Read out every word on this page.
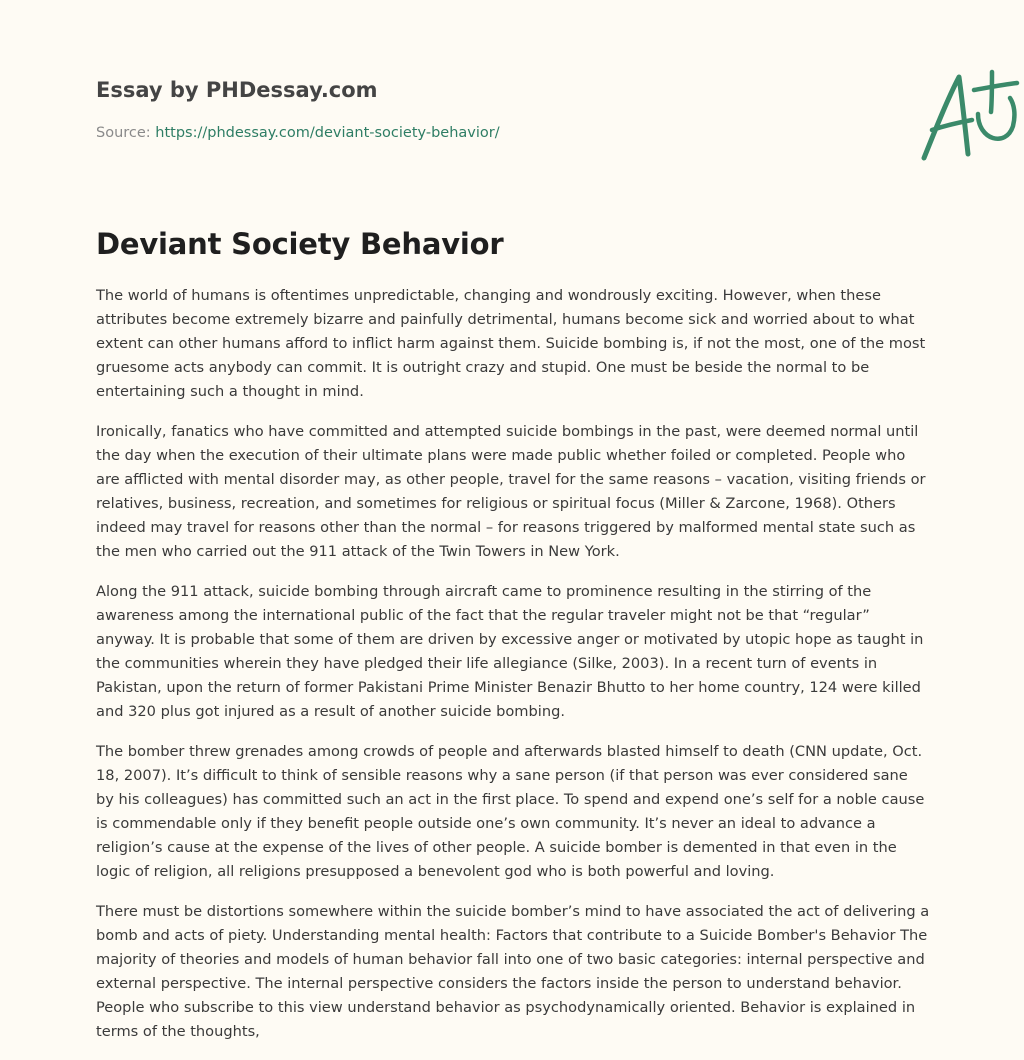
Essay by PHDessay.com
Source: https://phdessay.com/deviant-society-behavior/
Deviant Society Behavior

The world of humans is oftentimes unpredictable, changing and wondrously exciting. However, when these attributes become extremely bizarre and painfully detrimental, humans become sick and worried about to what extent can other humans afford to inflict harm against them. Suicide bombing is, if not the most, one of the most gruesome acts anybody can commit. It is outright crazy and stupid. One must be beside the normal to be entertaining such a thought in mind.

Ironically, fanatics who have committed and attempted suicide bombings in the past, were deemed normal until the day when the execution of their ultimate plans were made public whether foiled or completed. People who are afflicted with mental disorder may, as other people, travel for the same reasons – vacation, visiting friends or relatives, business, recreation, and sometimes for religious or spiritual focus (Miller & Zarcone, 1968). Others indeed may travel for reasons other than the normal – for reasons triggered by malformed mental state such as the men who carried out the 911 attack of the Twin Towers in New York.

Along the 911 attack, suicide bombing through aircraft came to prominence resulting in the stirring of the awareness among the international public of the fact that the regular traveler might not be that “regular” anyway. It is probable that some of them are driven by excessive anger or motivated by utopic hope as taught in the communities wherein they have pledged their life allegiance (Silke, 2003). In a recent turn of events in Pakistan, upon the return of former Pakistani Prime Minister Benazir Bhutto to her home country, 124 were killed and 320 plus got injured as a result of another suicide bombing.

The bomber threw grenades among crowds of people and afterwards blasted himself to death (CNN update, Oct. 18, 2007). It’s difficult to think of sensible reasons why a sane person (if that person was ever considered sane by his colleagues) has committed such an act in the first place. To spend and expend one’s self for a noble cause is commendable only if they benefit people outside one’s own community. It’s never an ideal to advance a religion’s cause at the expense of the lives of other people. A suicide bomber is demented in that even in the logic of religion, all religions presupposed a benevolent god who is both powerful and loving.

There must be distortions somewhere within the suicide bomber’s mind to have associated the act of delivering a bomb and acts of piety. Understanding mental health: Factors that contribute to a Suicide Bomber's Behavior The majority of theories and models of human behavior fall into one of two basic categories: internal perspective and external perspective. The internal perspective considers the factors inside the person to understand behavior. People who subscribe to this view understand behavior as psychodynamically oriented. Behavior is explained in terms of the thoughts,
